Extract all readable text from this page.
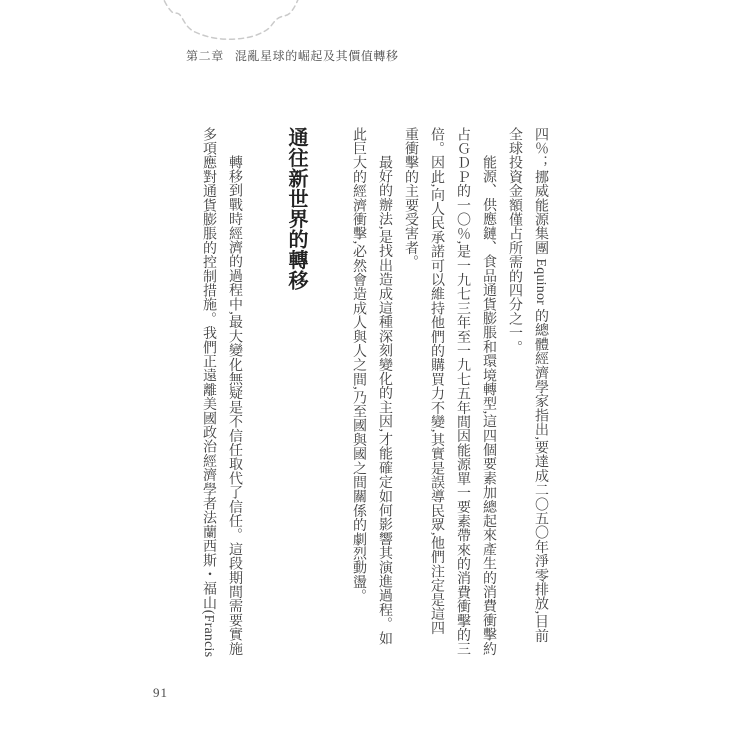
第二章 混亂星球的崛起及其價值轉移

四％；挪威能源集團 Equinor 的總體經濟學家指出,要達成二〇五〇年淨零排放,目前

全球投資金額僅占所需的四分之一。

能源、供應鏈、食品通貨膨脹和環境轉型,這四個要素加總起來產生的消費衝擊約

占ＧＤＰ的一〇％,是一九七三年至一九七五年間因能源單一要素帶來的消費衝擊的三

倍。因此,向人民承諾可以維持他們的購買力不變,其實是誤導民眾,他們注定是這四

重衝擊的主要受害者。

最好的辦法,是找出造成這種深刻變化的主因,才能確定如何影響其演進過程。如

此巨大的經濟衝擊,必然會造成人與人之間,乃至國與國之間關係的劇烈動盪。

通往新世界的轉移

轉移到戰時經濟的過程中,最大變化無疑是不信任取代了信任。這段期間需要實施

多項應對通貨膨脹的控制措施。我們正遠離美國政治經濟學者法蘭西斯・福山(Francis

91
